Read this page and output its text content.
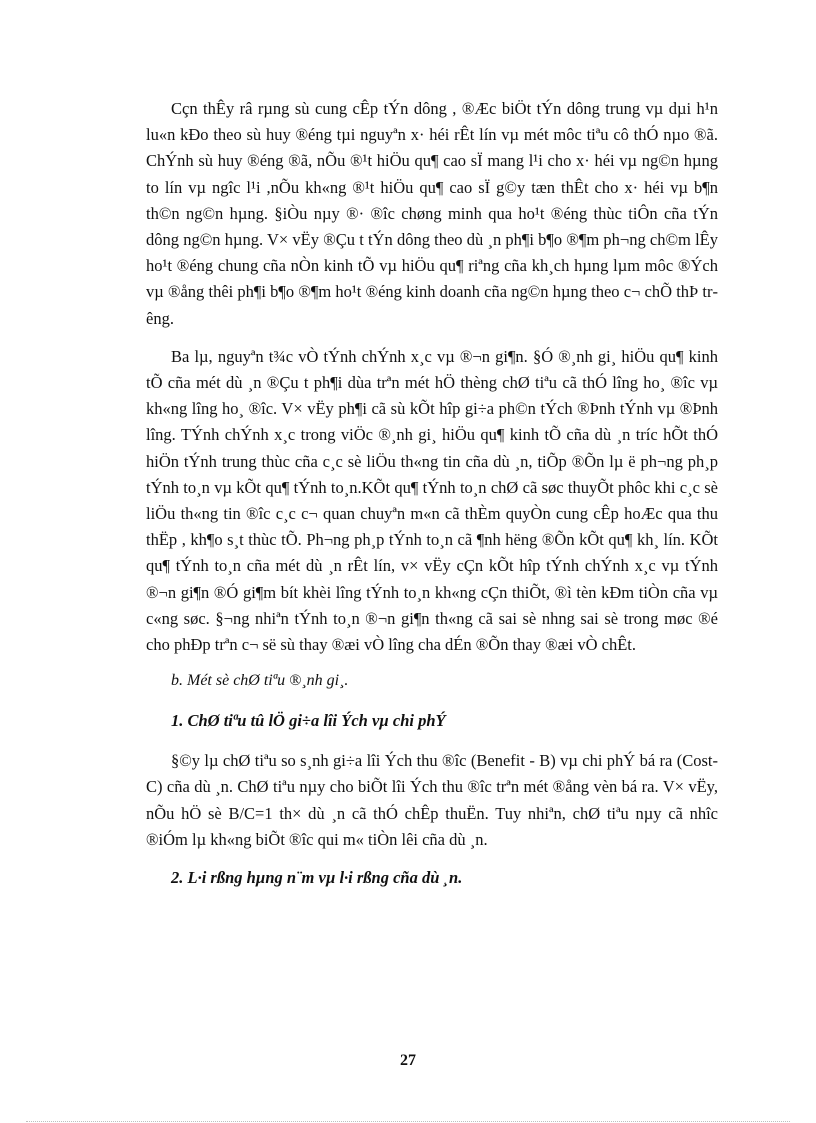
Cçn thÊy râ rµng sù cung cÊp tÝn dông , ®Æc biÖt tÝn dông trung vµ dµi h¹n lu«n kÐo theo sù huy ®éng tµi nguyªn x· héi rÊt lín vµ mét môc tiªu cô thÓ nµo ®ã. ChÝnh sù huy ®éng ®ã, nÕu ®¹t hiÖu qu¶ cao sÏ mang l¹i cho x· héi vµ ng©n hµng to lín vµ ngîc l¹i ,nÕu kh«ng ®¹t hiÖu qu¶ cao sÏ g©y tæn thÊt cho x· héi vµ b¶n th©n ng©n hµng. §iÒu nµy ®· ®îc chøng minh qua ho¹t ®éng thùc tiÔn cña tÝn dông ng©n hµng. V× vËy ®Çu t tÝn dông theo dù ¸n ph¶i b¶o ®¶m ph¬ng ch©m lÊy ho¹t ®éng chung cña nÒn kinh tÕ vµ hiÖu qu¶ riªng cña kh¸ch hµng lµm môc ®Ých vµ ®ång thêi ph¶i b¶o ®¶m ho¹t ®éng kinh doanh cña ng©n hµng theo c¬ chÕ thÞ trêng.

Ba lµ, nguyªn t¾c vÒ tÝnh chÝnh x¸c vµ ®¬n gi¶n. §Ó ®¸nh gi¸ hiÖu qu¶ kinh tÕ cña mét dù ¸n ®Çu t ph¶i dùa trªn mét hÖ thèng chØ tiªu cã thÓ lîng ho¸ ®îc vµ kh«ng lîng ho¸ ®îc. V× vËy ph¶i cã sù kÕt hîp gi÷a ph©n tÝch ®Þnh tÝnh vµ ®Þnh lîng. TÝnh chÝnh x¸c trong viÖc ®¸nh gi¸ hiÖu qu¶ kinh tÕ cña dù ¸n tríc hÕt thÓ hiÖn tÝnh trung thùc cña c¸c sè liÖu th«ng tin cña dù ¸n, tiÕp ®Õn lµ ë ph¬ng ph¸p tÝnh to¸n vµ kÕt qu¶ tÝnh to¸n.KÕt qu¶ tÝnh to¸n chØ cã søc thuyÕt phôc khi c¸c sè liÖu th«ng tin ®îc c¸c c¬ quan chuyªn m«n cã thÈm quyÒn cung cÊp hoÆc qua thu thËp , kh¶o s¸t thùc tÕ. Ph¬ng ph¸p tÝnh to¸n cã ¶nh hëng ®Õn kÕt qu¶ kh¸ lín. KÕt qu¶ tÝnh to¸n cña mét dù ¸n rÊt lín, v× vËy cÇn kÕt hîp tÝnh chÝnh x¸c vµ tÝnh ®¬n gi¶n ®Ó gi¶m bít khèi lîng tÝnh to¸n kh«ng cÇn thiÕt, ®ì tèn kÐm tiÒn cña vµ c«ng søc. §¬ng nhiªn tÝnh to¸n ®¬n gi¶n th«ng cã sai sè nhng sai sè trong møc ®é cho phÐp trªn c¬ së sù thay ®æi vÒ lîng cha dÉn ®Õn thay ®æi vÒ chÊt.

b. Mét sè chØ tiªu ®¸nh gi¸.
1. ChØ tiªu tû lÖ gi÷a lîi Ých vµ chi phÝ

§©y lµ chØ tiªu so s¸nh gi÷a lîi Ých thu ®îc (Benefit - B) vµ chi phÝ bá ra (Cost-C) cña dù ¸n. ChØ tiªu nµy cho biÕt lîi Ých thu ®îc trªn mét ®ång vèn bá ra. V× vËy, nÕu hÖ sè B/C=1 th× dù ¸n cã thÓ chÊp thuËn. Tuy nhiªn, chØ tiªu nµy cã nhîc ®iÓm lµ kh«ng biÕt ®îc qui m« tiÒn lêi cña dù ¸n.

2. L·i rßng hµng n¨m vµ l·i rßng cña dù ¸n.
27
